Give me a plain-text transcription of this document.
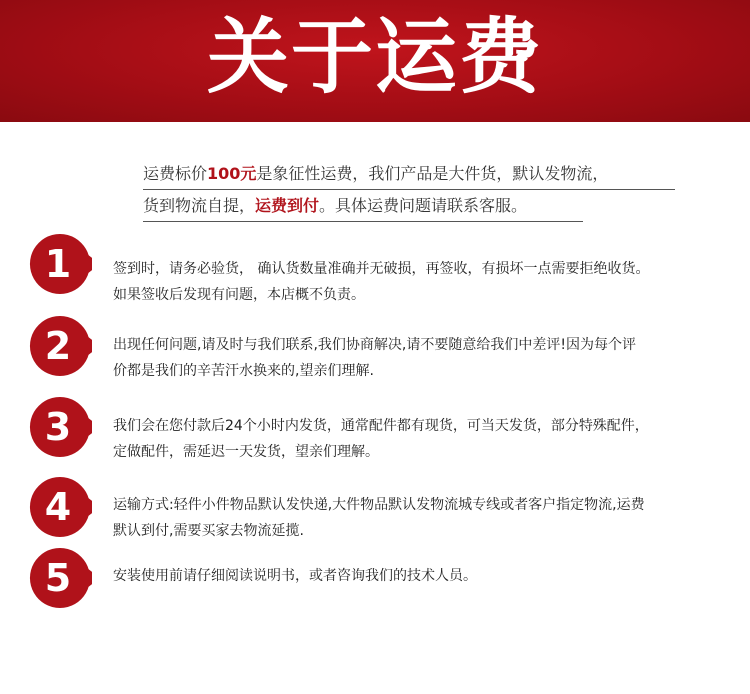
关于运费
运费标价100元是象征性运费，我们产品是大件货，默认发物流，
货到物流自提，运费到付。具体运费问题请联系客服。
1	签到时，请务必验货， 确认货数量准确并无破损，再签收，有损坏一点需要拒绝收货。
如果签收后发现有问题，本店概不负责。
2	出现任何问题,请及时与我们联系,我们协商解决,请不要随意给我们中差评!因为每个评
价都是我们的辛苦汗水换来的,望亲们理解.
3	我们会在您付款后24个小时内发货，通常配件都有现货，可当天发货，部分特殊配件，
定做配件，需延迟一天发货，望亲们理解。
4	运输方式:轻件小件物品默认发快递,大件物品默认发物流城专线或者客户指定物流,运费
默认到付,需要买家去物流延揽.
5	安装使用前请仔细阅读说明书，或者咨询我们的技术人员。
